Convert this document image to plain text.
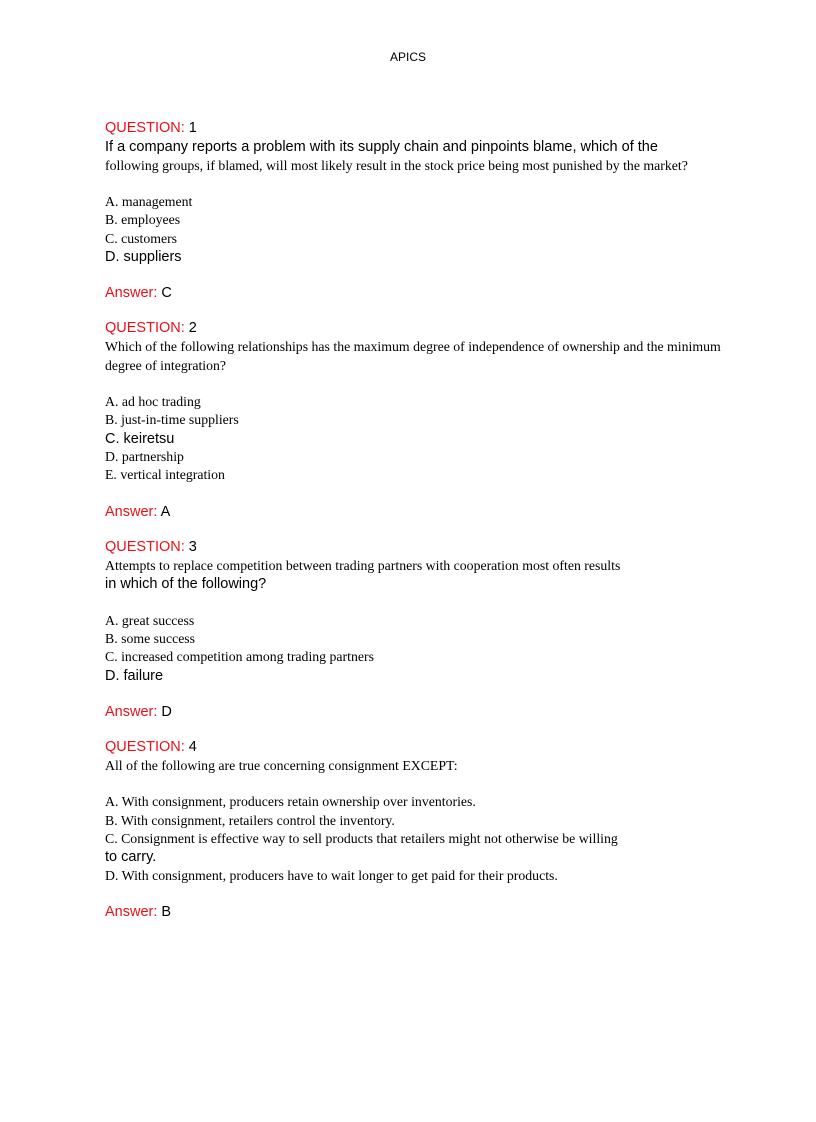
APICS
QUESTION: 1
If a company reports a problem with its supply chain and pinpoints blame, which of the
following groups, if blamed, will most likely result in the stock price being most punished by the market?
A. management
B. employees
C. customers
D. suppliers
Answer: C
QUESTION: 2
Which of the following relationships has the maximum degree of independence of ownership and the minimum degree of integration?
A. ad hoc trading
B. just-in-time suppliers
C. keiretsu
D. partnership
E. vertical integration
Answer: A
QUESTION: 3
Attempts to replace competition between trading partners with cooperation most often results
in which of the following?
A. great success
B. some success
C. increased competition among trading partners
D. failure
Answer: D
QUESTION: 4
All of the following are true concerning consignment EXCEPT:
A. With consignment, producers retain ownership over inventories.
B. With consignment, retailers control the inventory.
C. Consignment is effective way to sell products that retailers might not otherwise be willing
to carry.
D. With consignment, producers have to wait longer to get paid for their products.
Answer: B
